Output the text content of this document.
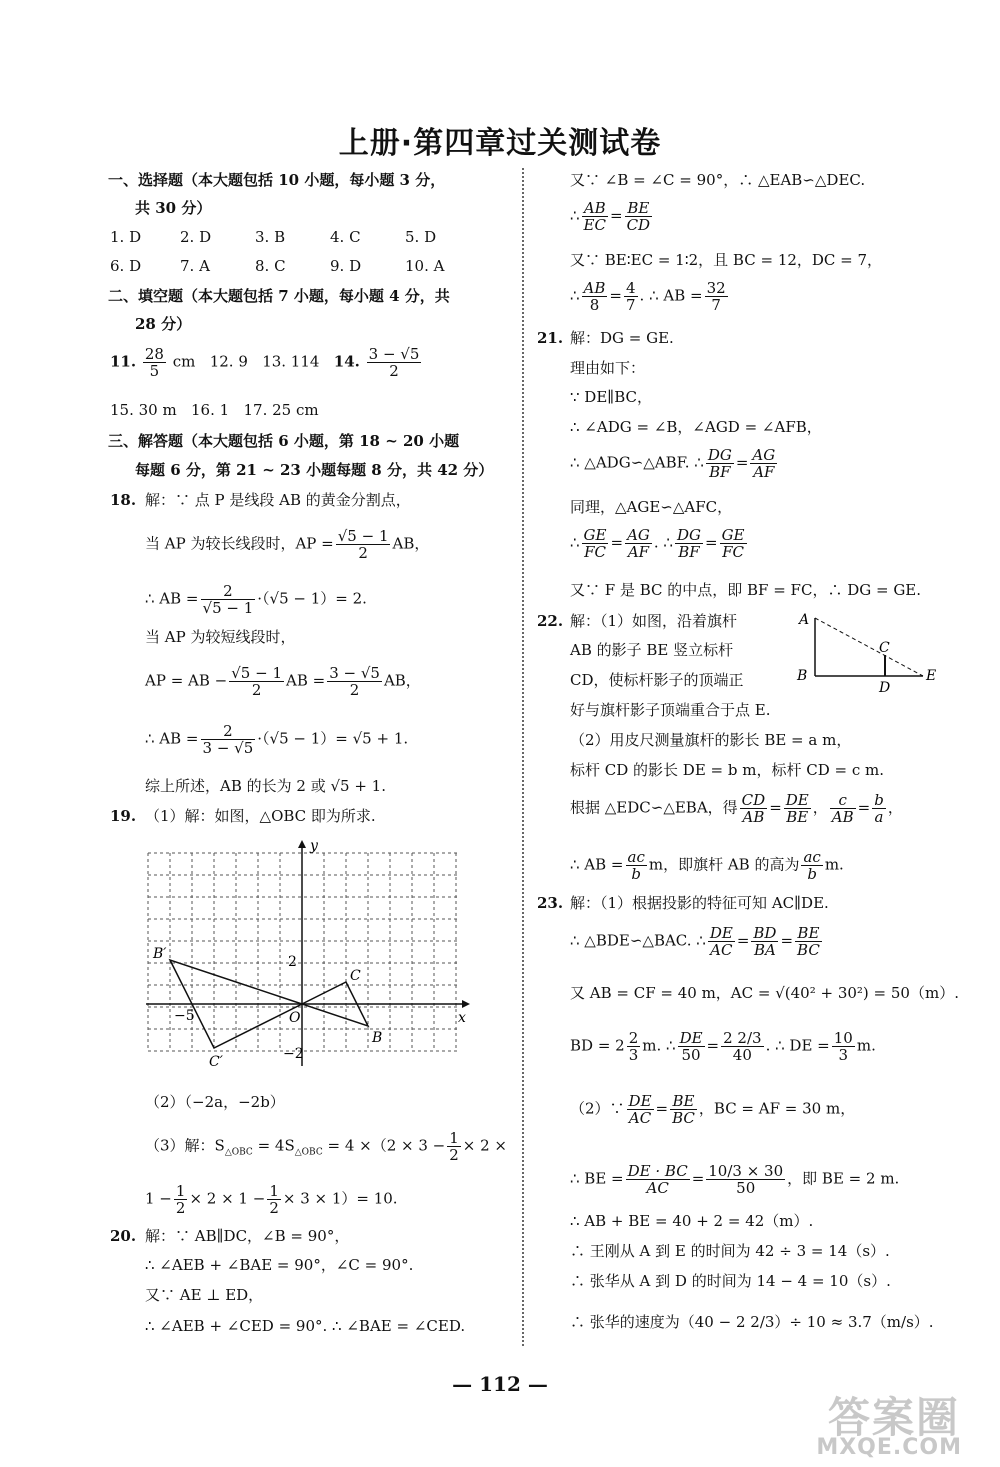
上册·第四章过关测试卷
一、选择题（本大题包括 10 小题，每小题 3 分，
共 30 分）
1. D	2. D	3. B	4. C	5. D
6. D	7. A	8. C	9. D	10. A
二、填空题（本大题包括 7 小题，每小题 4 分，共
28 分）
11. $\frac{28}{5}$ cm 12. 9 13. 114 14. $\frac{3 - √5}{2}$
15. 30 m 16. 1 17. 25 cm
三、解答题（本大题包括 6 小题，第 18 ~ 20 小题
每题 6 分，第 21 ~ 23 小题每题 8 分，共 42 分）
18. 解：∵ 点 P 是线段 AB 的黄金分割点，
当 AP 为较长线段时，AP = $\frac{√5 - 1}{2}$ AB，
∴ AB = $\frac{2}{√5 - 1} \cdot(√5 - 1)= 2$.
当 AP 为较短线段时，
AP = AB − $\frac{√5 - 1}{2}$ AB = $\frac{3 - √5}{2}$ AB，
∴ AB = $\frac{2}{3 - √5} \cdot(√5 - 1)= √5 + 1$.
综上所述，AB 的长为 2 或 √5 + 1.
19. （1）解：如图，△OBC 即为所求.
y
x
O
2
−2
−5
B′
C′
B
C
（2）（−2a，−2b）
（3）解：$S_{\triangle OBC} = 4S_{\triangle OBC} = 4 \times(2 \times 3 - \frac{1}{2} \times 2$ ×
$1 - \frac{1}{2} \times 2 \times 1 - \frac{1}{2} \times 3 \times 1)= 10$.
20. 解：∵ AB∥DC，∠B = 90°，
∴ ∠AEB + ∠BAE = 90°，∠C = 90°.
又∵ AE ⊥ ED，
∴ ∠AEB + ∠CED = 90°. ∴ ∠BAE = ∠CED.
又∵ ∠B = ∠C = 90°，∴ △EAB∽△DEC.
∴ $\frac{AB}{EC} = \frac{BE}{CD}$
又∵ BE∶EC = 1∶2，且 BC = 12，DC = 7，
∴ $\frac{AB}{8} = \frac{4}{7}$ . ∴ AB = $\frac{32}{7}$
21. 解：DG = GE.
理由如下：
∵ DE∥BC，
∴ ∠ADG = ∠B，∠AGD = ∠AFB，
∴ △ADG∽△ABF. ∴ $\frac{DG}{BF} = \frac{AG}{AF}$
同理，△AGE∽△AFC，
∴ $\frac{GE}{FC} = \frac{AG}{AF}$ . ∴ $\frac{DG}{BF} = \frac{GE}{FC}$
又∵ F 是 BC 的中点，即 BF = FC，∴ DG = GE.
22. 解：（1）如图，沿着旗杆
AB 的影子 BE 竖立标杆
CD，使标杆影子的顶端正
好与旗杆影子顶端重合于点 E.
A
B
C
D
E
（2）用皮尺测量旗杆的影长 BE = a m，
标杆 CD 的影长 DE = b m，标杆 CD = c m.
根据 △EDC∽△EBA，得 $\frac{CD}{AB} = \frac{DE}{BE}$ ， $\frac{c}{AB} = \frac{b}{a}$ ，
∴ AB = $\frac{ac}{b}$ m，即旗杆 AB 的高为 $\frac{ac}{b} m$.
23. 解：（1）根据投影的特征可知 AC∥DE.
∴ △BDE∽△BAC. ∴ $\frac{DE}{AC} = \frac{BD}{BA} = \frac{BE}{BC}$
又 AB = CF = 40 m，AC = √(40² + 30²) = 50（m）.
BD = $2 \frac{2}{3} m$. ∴ $\frac{DE}{50} = \frac{2 2/3}{40}$ . ∴ DE = $\frac{10}{3} m$.
（2）∵ $\frac{DE}{AC} = \frac{BE}{BC}$ ，BC = AF = 30 m，
∴ BE = $\frac{DE \cdot BC}{AC} = \frac{10/3 \times 30}{50}$ ，即 BE = 2 m.
∴ AB + BE = 40 + 2 = 42（m）.
∴ 王刚从 A 到 E 的时间为 42 ÷ 3 = 14（s）.
∴ 张华从 A 到 D 的时间为 14 − 4 = 10（s）.
∴ 张华的速度为（40 − 2 2/3）÷ 10 ≈ 3.7（m/s）.
— 112 —
答案圈
MXQE.COM
